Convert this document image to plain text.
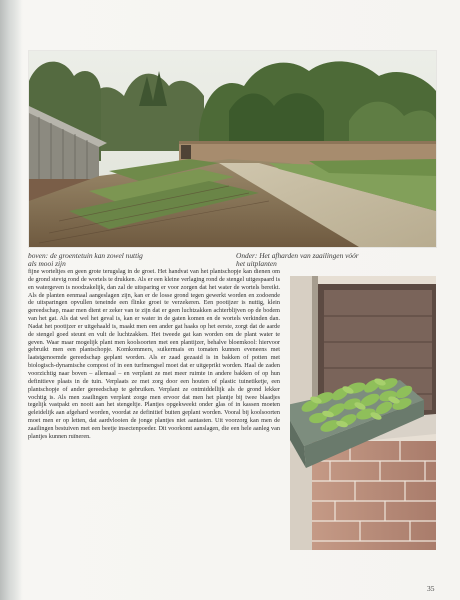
boven: de groentetuin kan zowel nuttig
als mooi zijn
Onder: Het afharden van zaailingen vóór
het uitplanten

fijne worteltjes en geen grote terugslag in de groei. Het handvat van het plantschopje kan dienen om de grond stevig rond de wortels te drukken. Als er een kleine verlaging rond de stengel uitgespaard is en watergeven is noodzakelijk, dan zal de uitsparing er voor zorgen dat het water de wortels bereikt. Als de planten eenmaal aangeslagen zijn, kan er de losse grond tegen gewerkt worden en zodoende de uitsparingen opvullen teneinde een flinke groei te verzekeren. Een pootijzer is nuttig, klein gereedschap, maar men dient er zeker van te zijn dat er geen luchtzakken achterblijven op de bodem van het gat. Als dat wel het geval is, kan er water in de gaten komen en de wortels verkinden dan. Nadat het pootijzer er uitgehaald is, maakt men een ander gat haaks op het eerste, zorgt dat de aarde de stengel goed steunt en vult de luchtzakken. Het tweede gat kan worden om de plant water te geven. Waar maar mogelijk plant men koolsoorten met een plantijzer, behalve bloemkool: hiervoor gebruikt men een plantschopje. Komkommers, suikermais en tomaten kunnen eveneens met laatstgenoemde gereedschap geplant worden. Als er zaad gezaaid is in bakken of potten met biologisch-dynamische compost of in een turfmengsel moet dat er uitgeprikt worden. Haal de zaden voorzichtig naar boven – allemaal – en verplant ze met meer ruimte in andere bakken of op hun definitieve plaats in de tuin. Verplaats ze met zorg door een houten of plastic tuinetiketje, een plantschopje of ander gereedschap te gebruiken. Verplant ze ontmiddellijk als de grond lekker vochtig is. Als men zaailingen verplant zorge men ervoor dat men het plantje bij twee blaadjes tegelijk vastpakt en nooit aan het stengeltje. Plantjes opgekweekt onder glas of in kassen moeten geleidelijk aan afgehard worden, voordat ze definitief buiten geplant worden. Vooral bij koolsoorten moet men er op letten, dat aardvlooien de jonge plantjes niet aantasten. Uit voorzorg kan men de zaailingen bestuiven met een beetje insectenpoeder. Dit voorkomt aanslagen, die een hele aanleg van plantjes kunnen ruïneren.

35
